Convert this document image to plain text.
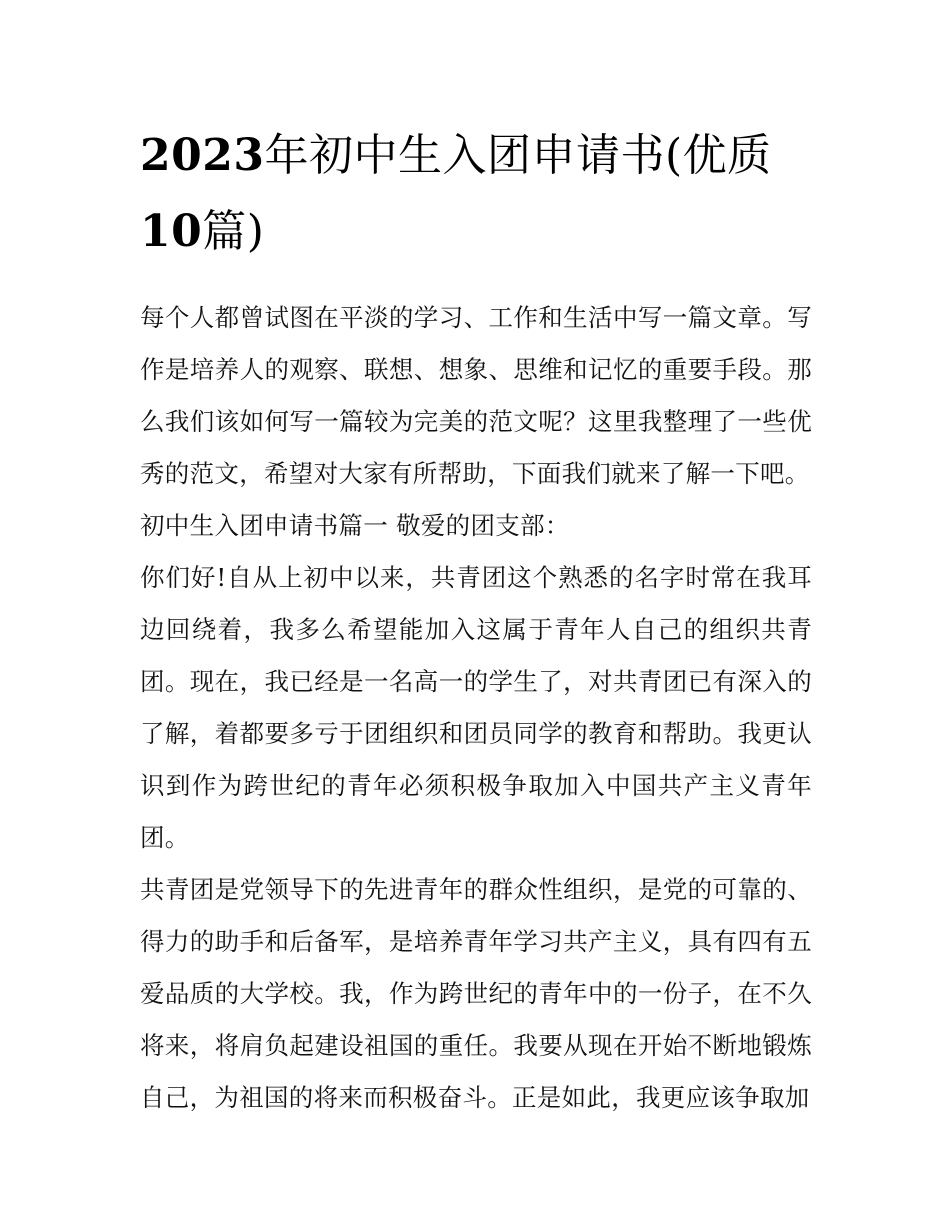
2023年初中生入团申请书(优质10篇)

每个人都曾试图在平淡的学习、工作和生活中写一篇文章。写作是培养人的观察、联想、想象、思维和记忆的重要手段。那么我们该如何写一篇较为完美的范文呢？这里我整理了一些优秀的范文，希望对大家有所帮助，下面我们就来了解一下吧。

初中生入团申请书篇一 敬爱的团支部：

你们好!自从上初中以来，共青团这个熟悉的名字时常在我耳边回绕着，我多么希望能加入这属于青年人自己的组织共青团。现在，我已经是一名高一的学生了，对共青团已有深入的了解，着都要多亏于团组织和团员同学的教育和帮助。我更认识到作为跨世纪的青年必须积极争取加入中国共产主义青年团。

共青团是党领导下的先进青年的群众性组织，是党的可靠的、得力的助手和后备军，是培养青年学习共产主义，具有四有五爱品质的大学校。我，作为跨世纪的青年中的一份子，在不久将来，将肩负起建设祖国的重任。我要从现在开始不断地锻炼自己，为祖国的将来而积极奋斗。正是如此，我更应该争取加
